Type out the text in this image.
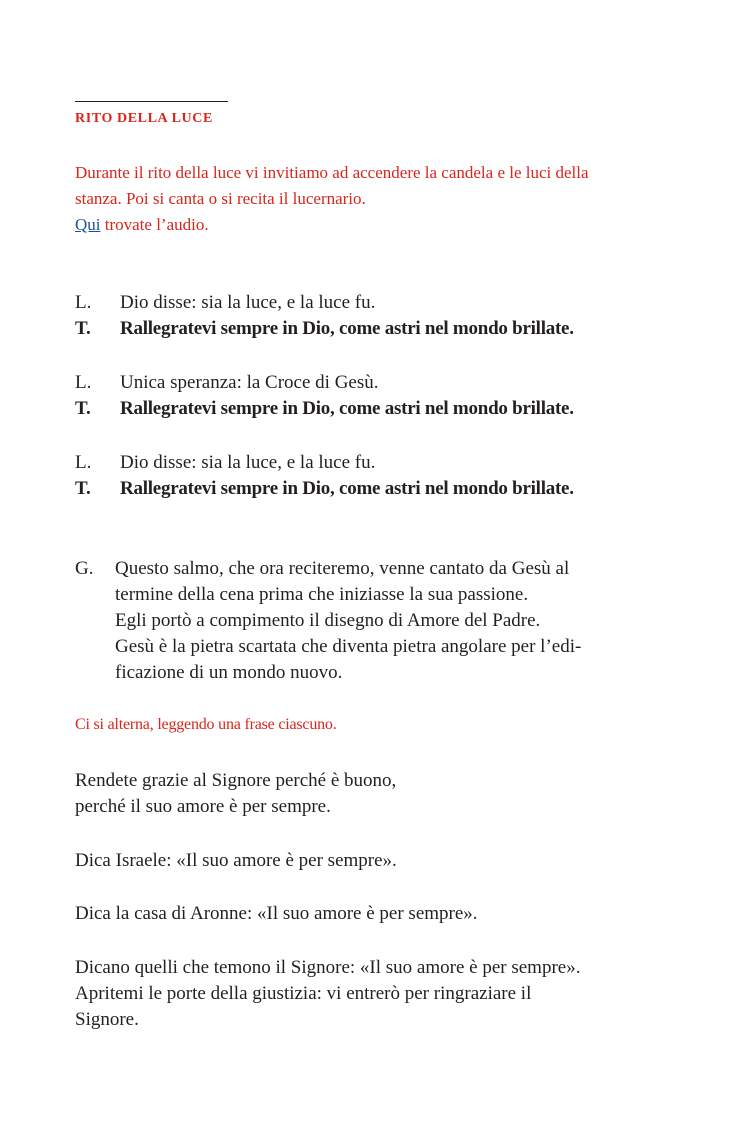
RITO DELLA LUCE

Durante il rito della luce vi invitiamo ad accendere la candela e le luci della

stanza. Poi si canta o si recita il lucernario.

Qui trovate l’audio.

L.	Dio disse: sia la luce, e la luce fu.
T.	Rallegratevi sempre in Dio, come astri nel mondo brillate.
L.	Unica speranza: la Croce di Gesù.
T.	Rallegratevi sempre in Dio, come astri nel mondo brillate.
L.	Dio disse: sia la luce, e la luce fu.
T.	Rallegratevi sempre in Dio, come astri nel mondo brillate.
G.	Questo salmo, che ora reciteremo, venne cantato da Gesù al
termine della cena prima che iniziasse la sua passione.
Egli portò a compimento il disegno di Amore del Padre.
Gesù è la pietra scartata che diventa pietra angolare per l’edi-
ficazione di un mondo nuovo.
Ci si alterna, leggendo una frase ciascuno.
Rendete grazie al Signore perché è buono,
perché il suo amore è per sempre.
Dica Israele: «Il suo amore è per sempre».
Dica la casa di Aronne: «Il suo amore è per sempre».
Dicano quelli che temono il Signore: «Il suo amore è per sempre».
Apritemi le porte della giustizia: vi entrerò per ringraziare il
Signore.
